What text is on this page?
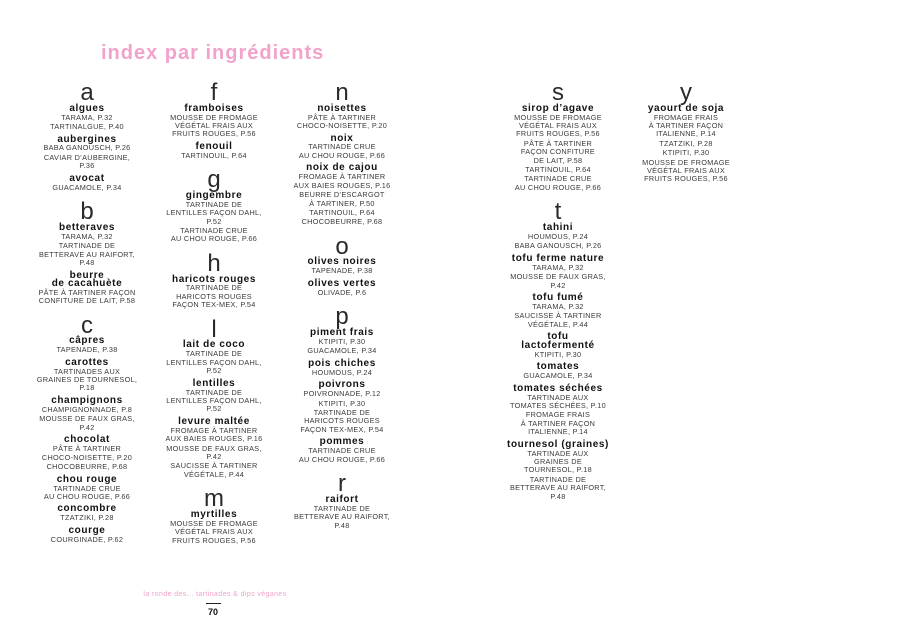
index par ingrédients
a
algues
TARAMA, P.32
TARTINALGUE, P.40
aubergines
BABA GANOUSCH, P.26
CAVIAR D’AUBERGINE,
P.36
avocat
GUACAMOLE, P.34
b
betteraves
TARAMA, P.32
TARTINADE DE
BETTERAVE AU RAIFORT,
P.48
beurre
de cacahuète
PÂTE À TARTINER FAÇON
CONFITURE DE LAIT, P.58
c
câpres
TAPENADE, P.38
carottes
TARTINADES AUX
GRAINES DE TOURNESOL,
P.18
champignons
CHAMPIGNONNADE, P.8
MOUSSE DE FAUX GRAS,
P.42
chocolat
PÂTE À TARTINER
CHOCO-NOISETTE, P.20
CHOCOBEURRE, P.68
chou rouge
TARTINADE CRUE
AU CHOU ROUGE, P.66
concombre
TZATZIKI, P.28
courge
COURGINADE, P.62
f
framboises
MOUSSE DE FROMAGE
VÉGÉTAL FRAIS AUX
FRUITS ROUGES, P.56
fenouil
TARTINOUIL, P.64
g
gingembre
TARTINADE DE
LENTILLES FAÇON DAHL,
P.52
TARTINADE CRUE
AU CHOU ROUGE, P.66
h
haricots rouges
TARTINADE DE
HARICOTS ROUGES
FAÇON TEX-MEX, P.54
l
lait de coco
TARTINADE DE
LENTILLES FAÇON DAHL,
P.52
lentilles
TARTINADE DE
LENTILLES FAÇON DAHL,
P.52
levure maltée
FROMAGE À TARTINER
AUX BAIES ROUGES, P.16
MOUSSE DE FAUX GRAS,
P.42
SAUCISSE À TARTINER
VÉGÉTALE, P.44
m
myrtilles
MOUSSE DE FROMAGE
VÉGÉTAL FRAIS AUX
FRUITS ROUGES, P.56
n
noisettes
PÂTE À TARTINER
CHOCO-NOISETTE, P.20
noix
TARTINADE CRUE
AU CHOU ROUGE, P.66
noix de cajou
FROMAGE À TARTINER
AUX BAIES ROUGES, P.16
BEURRE D’ESCARGOT
À TARTINER, P.50
TARTINOUIL, P.64
CHOCOBEURRE, P.68
o
olives noires
TAPENADE, P.38
olives vertes
OLIVADE, P.6
p
piment frais
KTIPITI, P.30
GUACAMOLE, P.34
pois chiches
HOUMOUS, P.24
poivrons
POIVRONNADE, P.12
KTIPITI, P.30
TARTINADE DE
HARICOTS ROUGES
FAÇON TEX-MEX, P.54
pommes
TARTINADE CRUE
AU CHOU ROUGE, P.66
r
raifort
TARTINADE DE
BETTERAVE AU RAIFORT,
P.48
s
sirop d’agave
MOUSSE DE FROMAGE
VÉGÉTAL FRAIS AUX
FRUITS ROUGES, P.56
PÂTE À TARTINER
FAÇON CONFITURE
DE LAIT, P.58
TARTINOUIL, P.64
TARTINADE CRUE
AU CHOU ROUGE, P.66
t
tahini
HOUMOUS, P.24
BABA GANOUSCH, P.26
tofu ferme nature
TARAMA, P.32
MOUSSE DE FAUX GRAS,
P.42
tofu fumé
TARAMA, P.32
SAUCISSE À TARTINER
VÉGÉTALE, P.44
tofu
lactofermenté
KTIPITI, P.30
tomates
GUACAMOLE, P.34
tomates séchées
TARTINADE AUX
TOMATES SÉCHÉES, P.10
FROMAGE FRAIS
À TARTINER FAÇON
ITALIENNE, P.14
tournesol (graines)
TARTINADE AUX
GRAINES DE
TOURNESOL, P.18
TARTINADE DE
BETTERAVE AU RAIFORT,
P.48
y
yaourt de soja
FROMAGE FRAIS
À TARTINER FAÇON
ITALIENNE, P.14
TZATZIKI, P.28
KTIPITI, P.30
MOUSSE DE FROMAGE
VÉGÉTAL FRAIS AUX
FRUITS ROUGES, P.56
la ronde des... tartinades & dips véganes
70
